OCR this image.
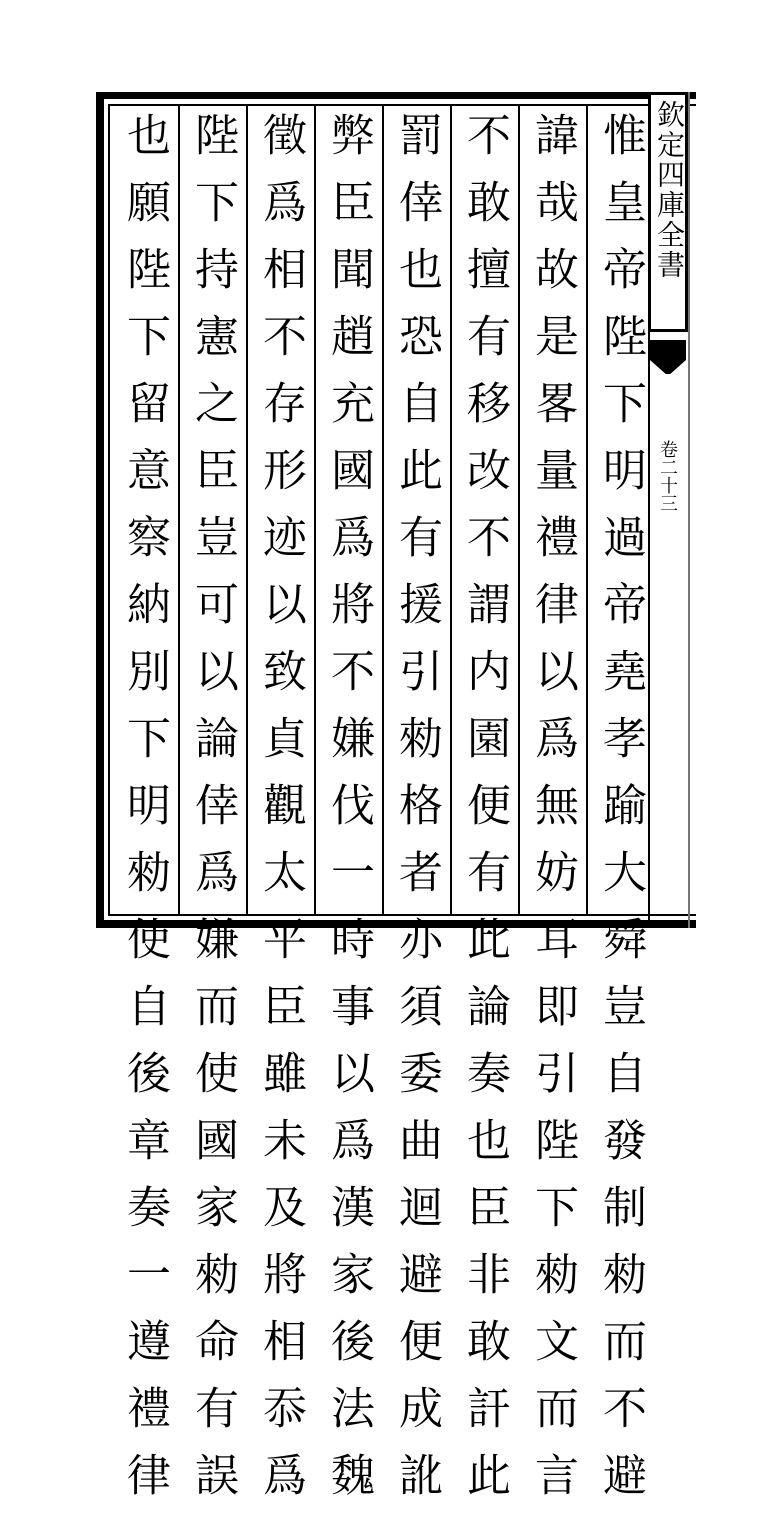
惟皇帝陛下明過帝堯孝踰大舜豈自發制勑而不避
諱哉故是畧量禮律以爲無妨耳即引陛下勑文而言
不敢擅有移改不謂内園便有此論奏也臣非敢訐此
罰倖也恐自此有援引勑格者亦須委曲迴避便成訛
弊臣聞趙充國爲將不嫌伐一時事以爲漢家後法魏
徵爲相不存形迹以致貞觀太平臣雖未及將相忝爲
陛下持憲之臣豈可以論倖爲嫌而使國家勑命有誤
也願陛下留意察納別下明勑使自後章奏一遵禮律	欽定四庫全書
卷二十三
